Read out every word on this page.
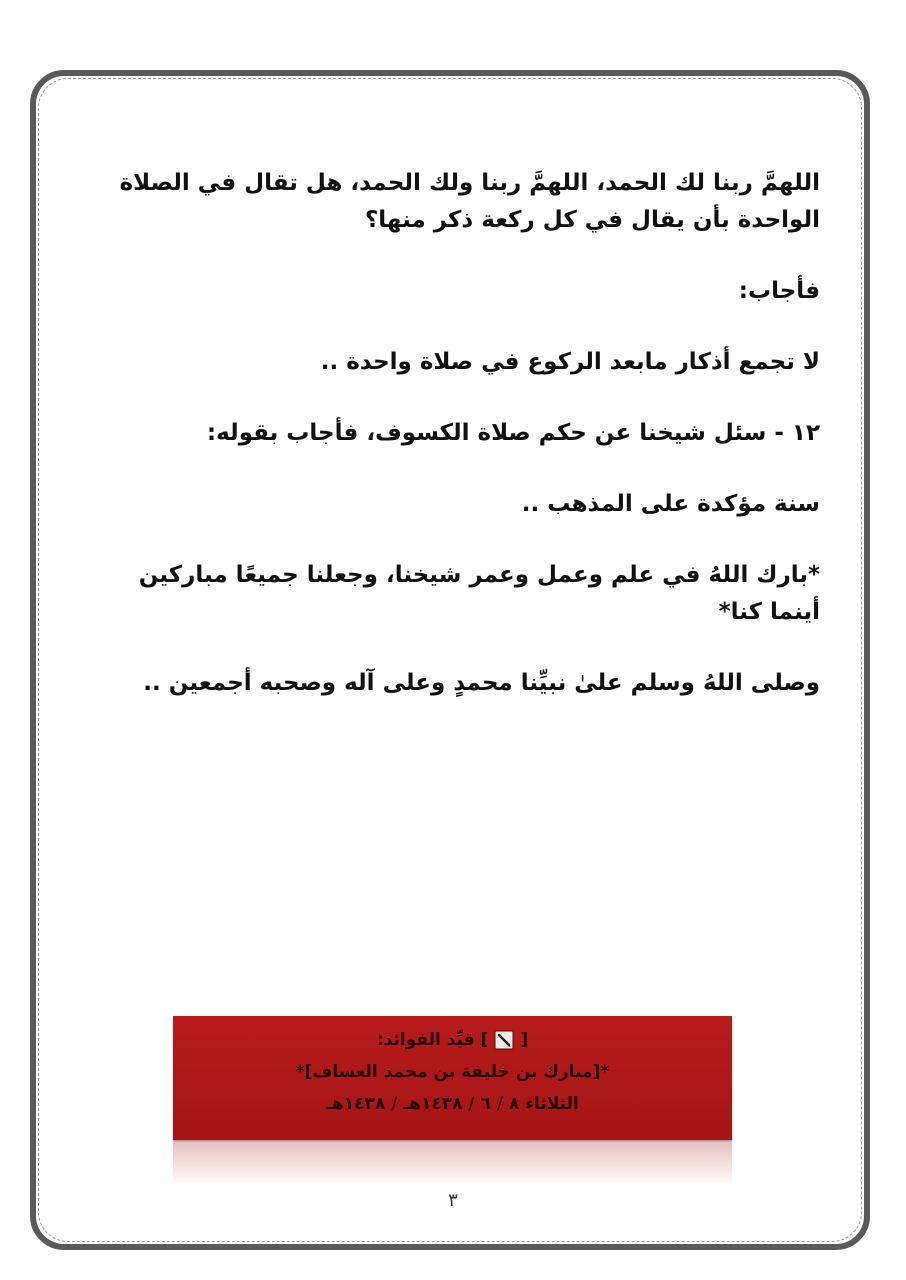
اللهمَّ ربنا لك الحمد، اللهمَّ ربنا ولك الحمد، هل تقال في الصلاة الواحدة بأن يقال في كل ركعة ذكر منها؟

فأجاب:

لا تجمع أذكار مابعد الركوع في صلاة واحدة ..

١٢ - سئل شيخنا عن حكم صلاة الكسوف، فأجاب بقوله:

سنة مؤكدة على المذهب ..

*بارك اللهُ في علم وعمل وعمر شيخنا، وجعلنا جميعًا مباركين أينما كنا*

وصلى اللهُ وسلم علىٰ نبيِّنا محمدٍ وعلى آله وصحبه أجمعين ..

[
]
قيِّد الفوائد:
*[مبارك بن خليفة بن محمد العساف]*
الثلاثاء ٨ / ٦ / ١٤٣٨هـ / ١٤٣٨هـ
٣
